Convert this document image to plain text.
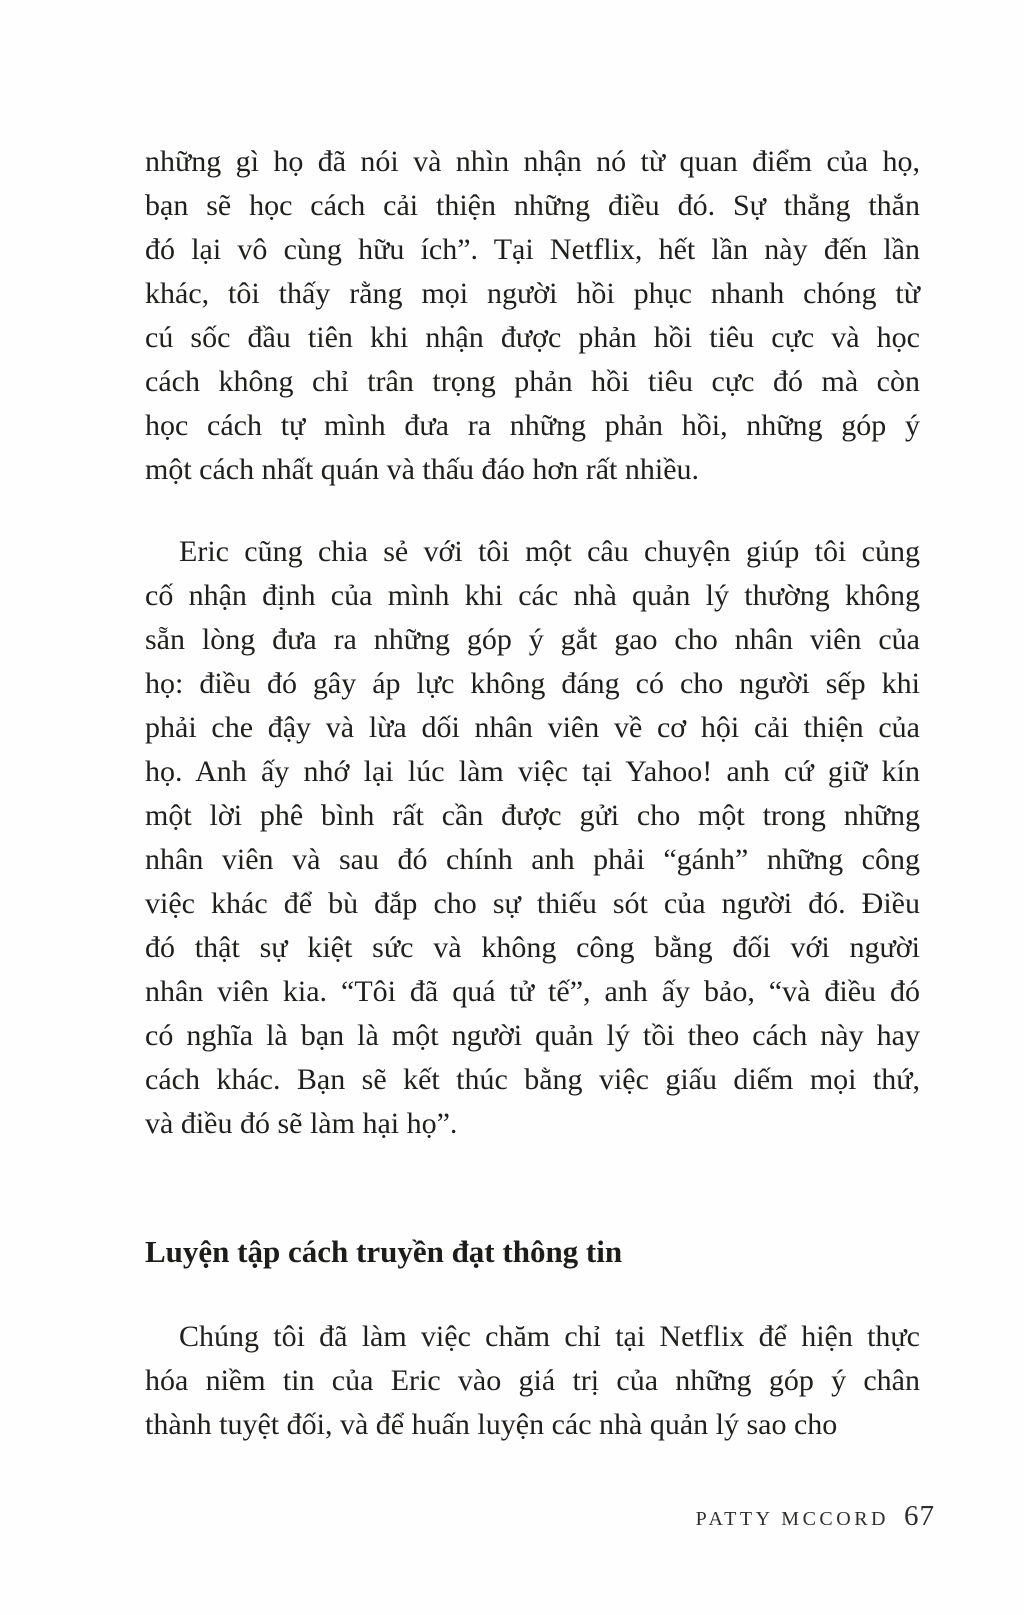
những gì họ đã nói và nhìn nhận nó từ quan điểm của họ,
bạn sẽ học cách cải thiện những điều đó. Sự thẳng thắn
đó lại vô cùng hữu ích”. Tại Netflix, hết lần này đến lần
khác, tôi thấy rằng mọi người hồi phục nhanh chóng từ
cú sốc đầu tiên khi nhận được phản hồi tiêu cực và học
cách không chỉ trân trọng phản hồi tiêu cực đó mà còn
học cách tự mình đưa ra những phản hồi, những góp ý
một cách nhất quán và thấu đáo hơn rất nhiều.
Eric cũng chia sẻ với tôi một câu chuyện giúp tôi củng
cố nhận định của mình khi các nhà quản lý thường không
sẵn lòng đưa ra những góp ý gắt gao cho nhân viên của
họ: điều đó gây áp lực không đáng có cho người sếp khi
phải che đậy và lừa dối nhân viên về cơ hội cải thiện của
họ. Anh ấy nhớ lại lúc làm việc tại Yahoo! anh cứ giữ kín
một lời phê bình rất cần được gửi cho một trong những
nhân viên và sau đó chính anh phải “gánh” những công
việc khác để bù đắp cho sự thiếu sót của người đó. Điều
đó thật sự kiệt sức và không công bằng đối với người
nhân viên kia. “Tôi đã quá tử tế”, anh ấy bảo, “và điều đó
có nghĩa là bạn là một người quản lý tồi theo cách này hay
cách khác. Bạn sẽ kết thúc bằng việc giấu diếm mọi thứ,
và điều đó sẽ làm hại họ”.
Luyện tập cách truyền đạt thông tin
Chúng tôi đã làm việc chăm chỉ tại Netflix để hiện thực
hóa niềm tin của Eric vào giá trị của những góp ý chân
thành tuyệt đối, và để huấn luyện các nhà quản lý sao cho
PATTY MCCORD 67
